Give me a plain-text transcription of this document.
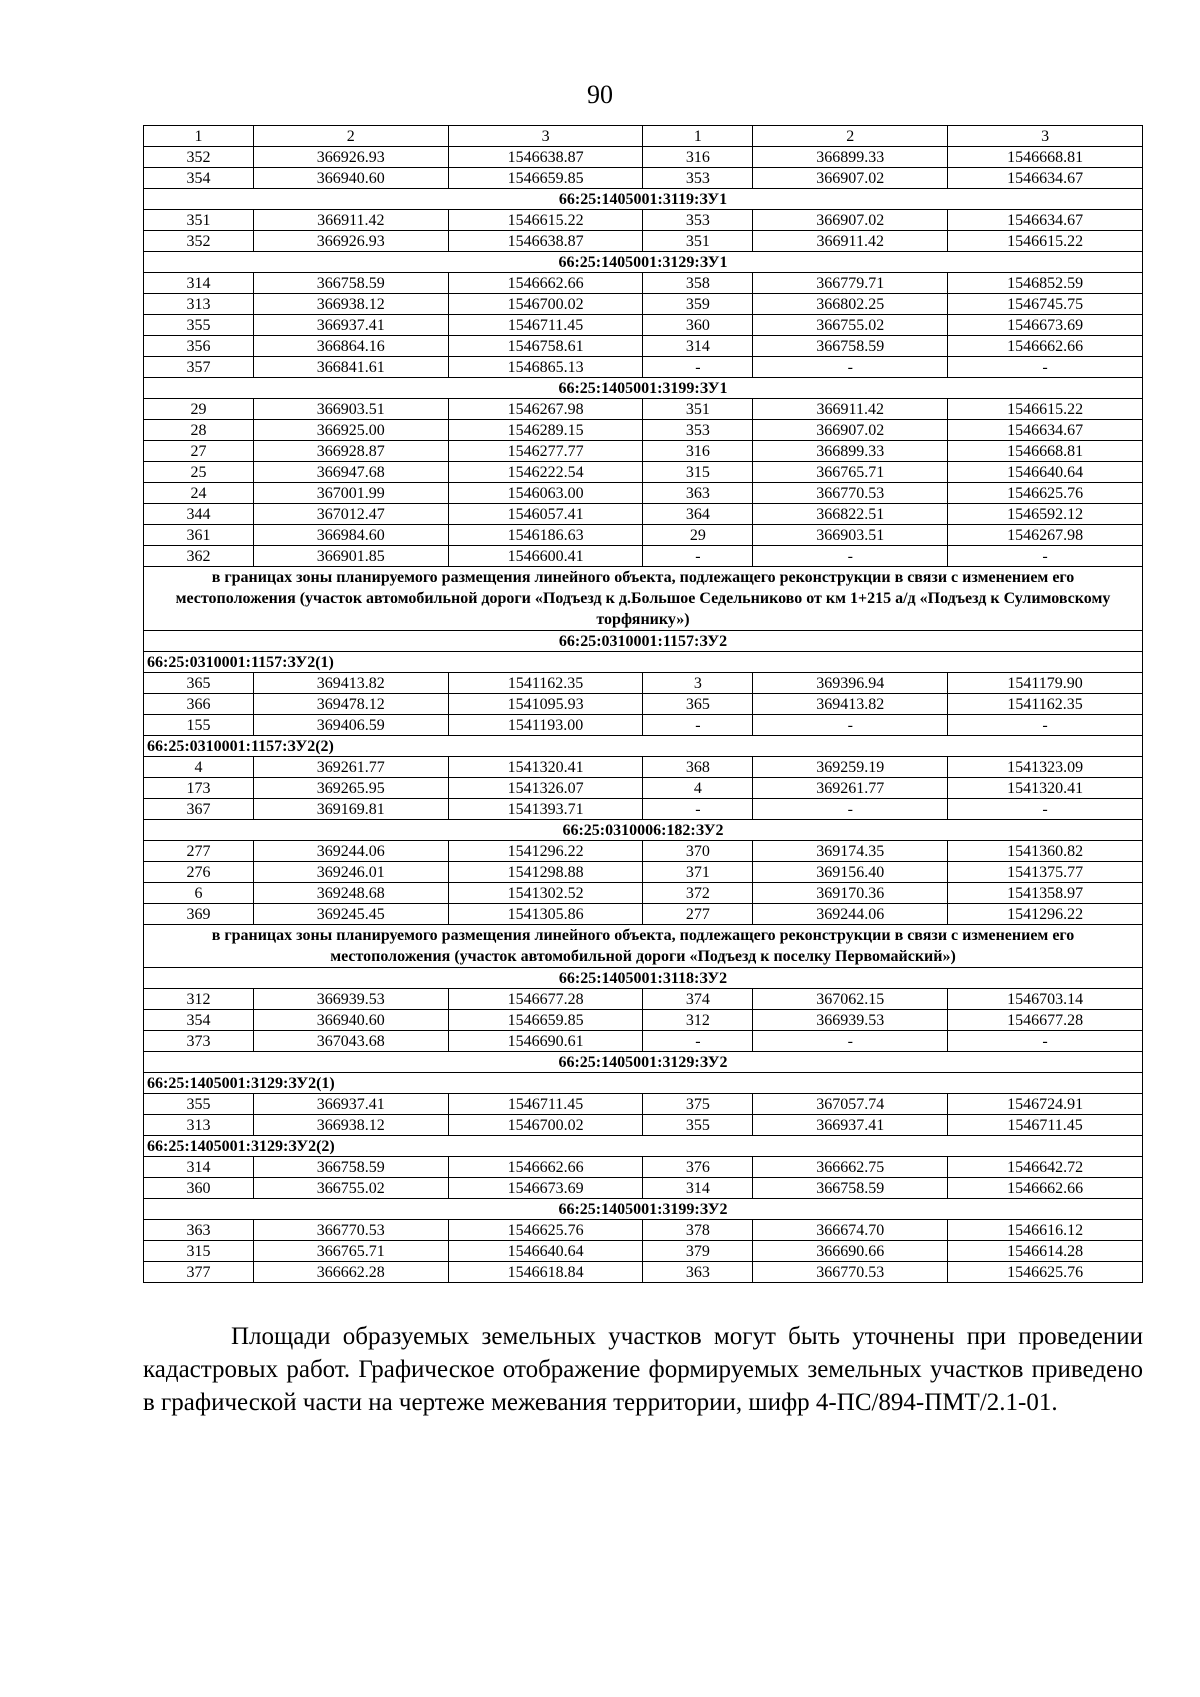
90
1	2	3	1	2	3
352	366926.93	1546638.87	316	366899.33	1546668.81
354	366940.60	1546659.85	353	366907.02	1546634.67
66:25:1405001:3119:ЗУ1					
351	366911.42	1546615.22	353	366907.02	1546634.67
352	366926.93	1546638.87	351	366911.42	1546615.22
66:25:1405001:3129:ЗУ1					
314	366758.59	1546662.66	358	366779.71	1546852.59
313	366938.12	1546700.02	359	366802.25	1546745.75
355	366937.41	1546711.45	360	366755.02	1546673.69
356	366864.16	1546758.61	314	366758.59	1546662.66
357	366841.61	1546865.13	-	-	-
66:25:1405001:3199:ЗУ1					
29	366903.51	1546267.98	351	366911.42	1546615.22
28	366925.00	1546289.15	353	366907.02	1546634.67
27	366928.87	1546277.77	316	366899.33	1546668.81
25	366947.68	1546222.54	315	366765.71	1546640.64
24	367001.99	1546063.00	363	366770.53	1546625.76
344	367012.47	1546057.41	364	366822.51	1546592.12
361	366984.60	1546186.63	29	366903.51	1546267.98
362	366901.85	1546600.41	-	-	-
в границах зоны планируемого размещения линейного объекта, подлежащего реконструкции в связи с изменением его местоположения (участок автомобильной дороги «Подъезд к д.Большое Седельниково от км 1+215 а/д «Подъезд к Сулимовскому торфянику»)					
66:25:0310001:1157:ЗУ2					
66:25:0310001:1157:ЗУ2(1)					
365	369413.82	1541162.35	3	369396.94	1541179.90
366	369478.12	1541095.93	365	369413.82	1541162.35
155	369406.59	1541193.00	-	-	-
66:25:0310001:1157:ЗУ2(2)					
4	369261.77	1541320.41	368	369259.19	1541323.09
173	369265.95	1541326.07	4	369261.77	1541320.41
367	369169.81	1541393.71	-	-	-
66:25:0310006:182:ЗУ2					
277	369244.06	1541296.22	370	369174.35	1541360.82
276	369246.01	1541298.88	371	369156.40	1541375.77
6	369248.68	1541302.52	372	369170.36	1541358.97
369	369245.45	1541305.86	277	369244.06	1541296.22
в границах зоны планируемого размещения линейного объекта, подлежащего реконструкции в связи с изменением его местоположения (участок автомобильной дороги «Подъезд к поселку Первомайский»)					
66:25:1405001:3118:ЗУ2					
312	366939.53	1546677.28	374	367062.15	1546703.14
354	366940.60	1546659.85	312	366939.53	1546677.28
373	367043.68	1546690.61	-	-	-
66:25:1405001:3129:ЗУ2					
66:25:1405001:3129:ЗУ2(1)					
355	366937.41	1546711.45	375	367057.74	1546724.91
313	366938.12	1546700.02	355	366937.41	1546711.45
66:25:1405001:3129:ЗУ2(2)					
314	366758.59	1546662.66	376	366662.75	1546642.72
360	366755.02	1546673.69	314	366758.59	1546662.66
66:25:1405001:3199:ЗУ2					
363	366770.53	1546625.76	378	366674.70	1546616.12
315	366765.71	1546640.64	379	366690.66	1546614.28
377	366662.28	1546618.84	363	366770.53	1546625.76

Площади образуемых земельных участков могут быть уточнены при проведении кадастровых работ. Графическое отображение формируемых земельных участков приведено в графической части на чертеже межевания территории, шифр 4-ПС/894-ПМТ/2.1-01.
